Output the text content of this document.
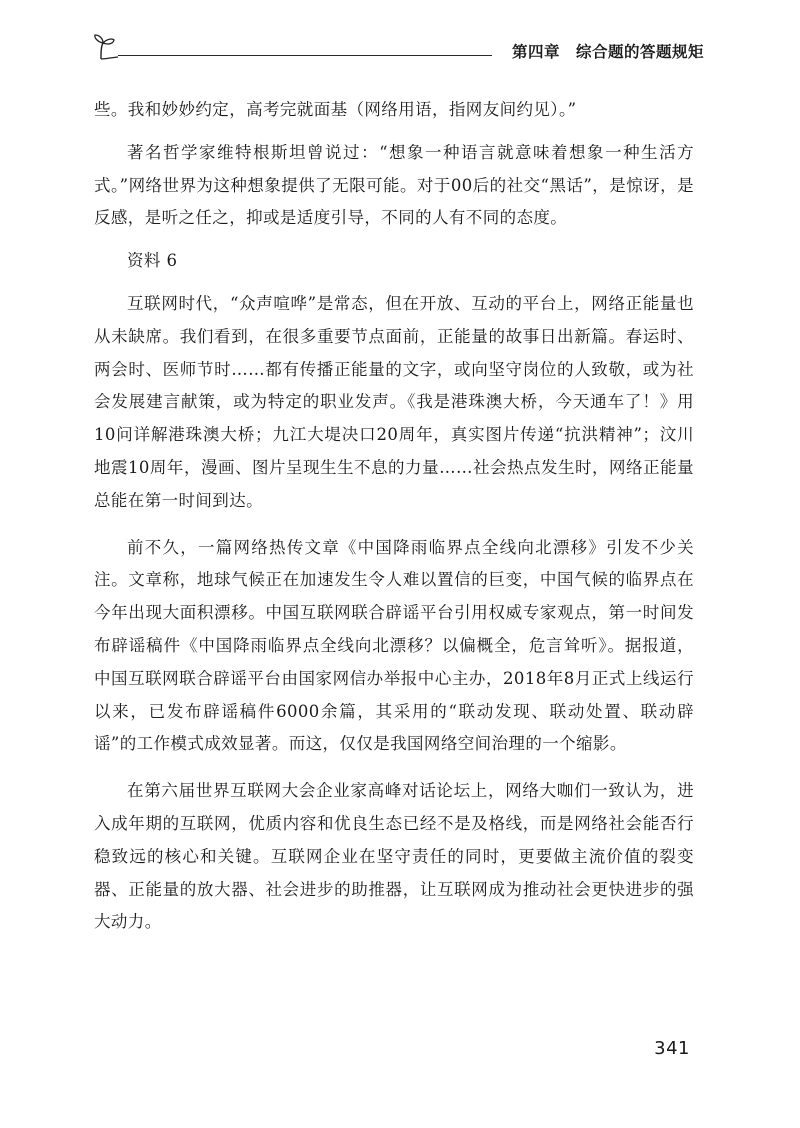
第四章 综合题的答题规矩

些。我和妙妙约定，高考完就面基（网络用语，指网友间约见）。”

著名哲学家维特根斯坦曾说过：“想象一种语言就意味着想象一种生活方式。”网络世界为这种想象提供了无限可能。对于00后的社交“黑话”，是惊讶，是反感，是听之任之，抑或是适度引导，不同的人有不同的态度。

资料 6

互联网时代，“众声喧哗”是常态，但在开放、互动的平台上，网络正能量也从未缺席。我们看到，在很多重要节点面前，正能量的故事日出新篇。春运时、两会时、医师节时……都有传播正能量的文字，或向坚守岗位的人致敬，或为社会发展建言献策，或为特定的职业发声。《我是港珠澳大桥，今天通车了！》用10问详解港珠澳大桥；九江大堤决口20周年，真实图片传递“抗洪精神”；汶川地震10周年，漫画、图片呈现生生不息的力量……社会热点发生时，网络正能量总能在第一时间到达。

前不久，一篇网络热传文章《中国降雨临界点全线向北漂移》引发不少关注。文章称，地球气候正在加速发生令人难以置信的巨变，中国气候的临界点在今年出现大面积漂移。中国互联网联合辟谣平台引用权威专家观点，第一时间发布辟谣稿件《中国降雨临界点全线向北漂移？以偏概全，危言耸听》。据报道，中国互联网联合辟谣平台由国家网信办举报中心主办，2018年8月正式上线运行以来，已发布辟谣稿件6000余篇，其采用的“联动发现、联动处置、联动辟谣”的工作模式成效显著。而这，仅仅是我国网络空间治理的一个缩影。

在第六届世界互联网大会企业家高峰对话论坛上，网络大咖们一致认为，进入成年期的互联网，优质内容和优良生态已经不是及格线，而是网络社会能否行稳致远的核心和关键。互联网企业在坚守责任的同时，更要做主流价值的裂变器、正能量的放大器、社会进步的助推器，让互联网成为推动社会更快进步的强大动力。

341
